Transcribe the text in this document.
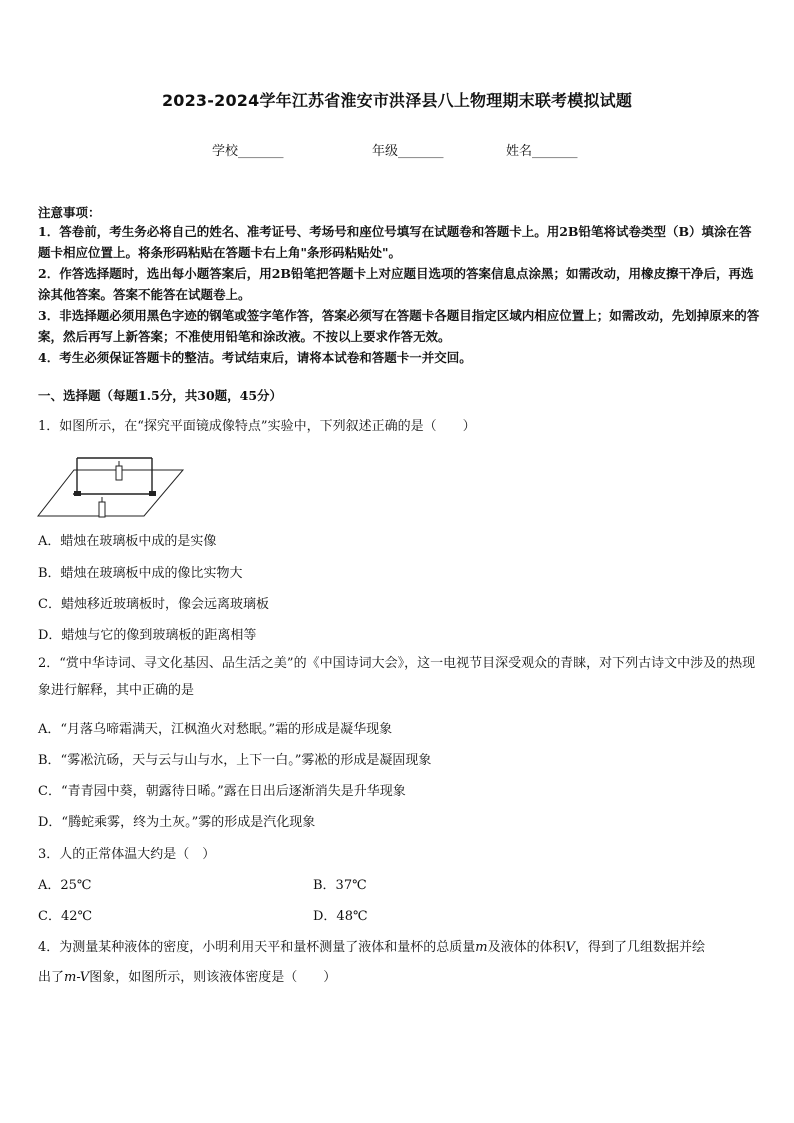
2023-2024学年江苏省淮安市洪泽县八上物理期末联考模拟试题
学校_______	年级_______	姓名_______
注意事项：
1．答卷前，考生务必将自己的姓名、准考证号、考场号和座位号填写在试题卷和答题卡上。用2B铅笔将试卷类型（B）填涂在答题卡相应位置上。将条形码粘贴在答题卡右上角"条形码粘贴处"。
2．作答选择题时，选出每小题答案后，用2B铅笔把答题卡上对应题目选项的答案信息点涂黑；如需改动，用橡皮擦干净后，再选涂其他答案。答案不能答在试题卷上。
3．非选择题必须用黑色字迹的钢笔或签字笔作答，答案必须写在答题卡各题目指定区域内相应位置上；如需改动，先划掉原来的答案，然后再写上新答案；不准使用铅笔和涂改液。不按以上要求作答无效。
4．考生必须保证答题卡的整洁。考试结束后，请将本试卷和答题卡一并交回。
一、选择题（每题1.5分，共30题，45分）
1．如图所示，在“探究平面镜成像特点”实验中，下列叙述正确的是（　　）
A．蜡烛在玻璃板中成的是实像
B．蜡烛在玻璃板中成的像比实物大
C．蜡烛移近玻璃板时，像会远离玻璃板
D．蜡烛与它的像到玻璃板的距离相等
2．“赏中华诗词、寻文化基因、品生活之美”的《中国诗词大会》，这一电视节目深受观众的青睐，对下列古诗文中涉及的热现象进行解释，其中正确的是
A．“月落乌啼霜满天，江枫渔火对愁眠。”霜的形成是凝华现象
B．“雾凇沆砀，天与云与山与水，上下一白。”雾凇的形成是凝固现象
C．“青青园中葵，朝露待日晞。”露在日出后逐渐消失是升华现象
D．“腾蛇乘雾，终为土灰。”雾的形成是汽化现象
3．人的正常体温大约是（　）
A．25℃	B．37℃
C．42℃	D．48℃
4．为测量某种液体的密度，小明利用天平和量杯测量了液体和量杯的总质量m及液体的体积V，得到了几组数据并绘
出了m-V图象，如图所示，则该液体密度是（　　）
